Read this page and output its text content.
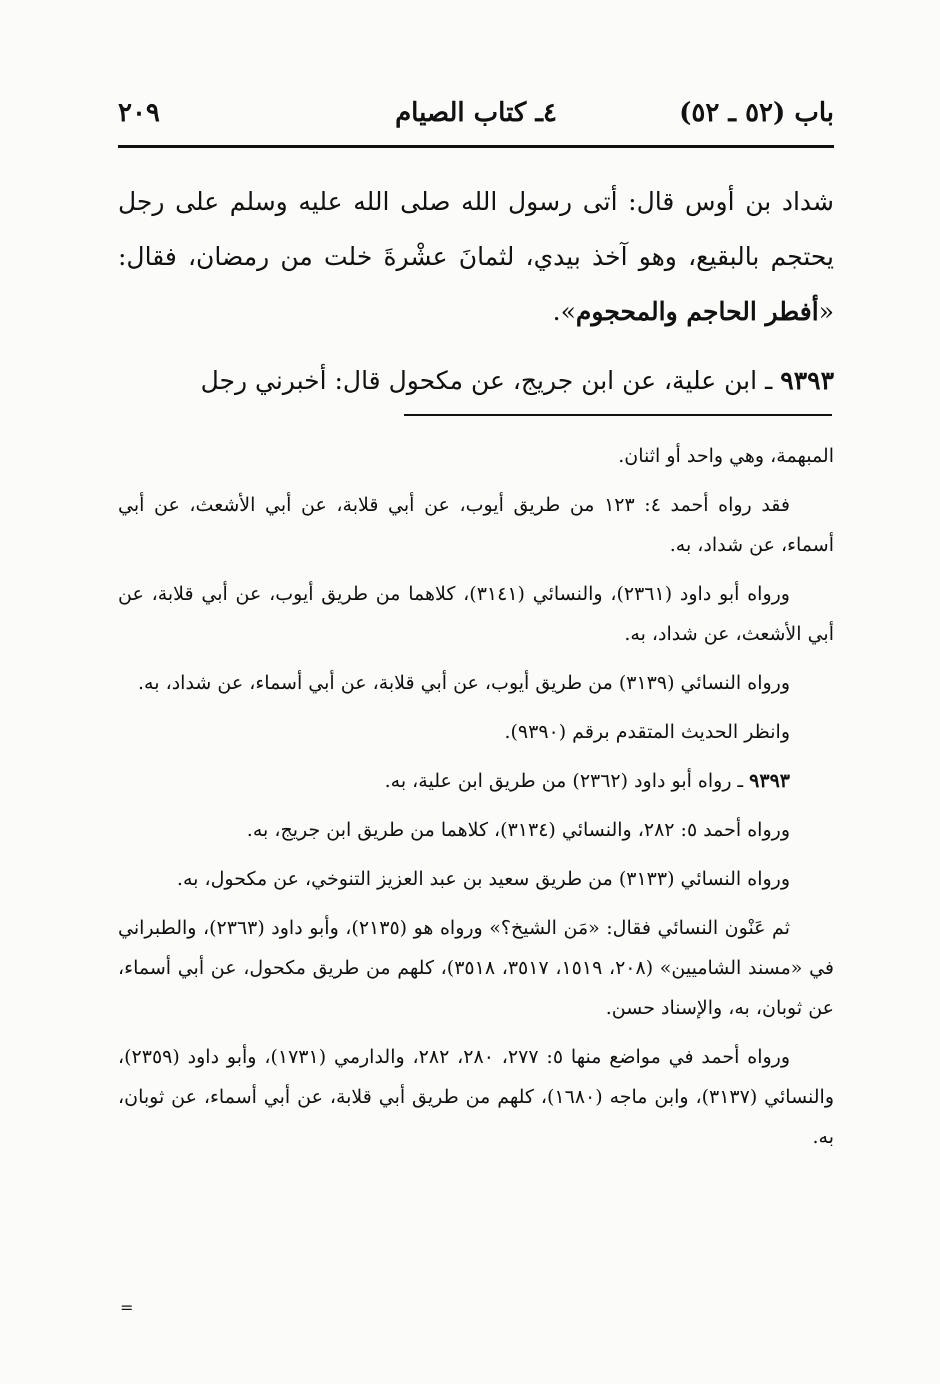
باب (٥٢ ـ ٥٢)
٤ـ كتاب الصيام
٢٠٩

شداد بن أوس قال: أتى رسول الله صلى الله عليه وسلم على رجل يحتجم بالبقيع، وهو آخذ بيدي، لثمانَ عشْرةَ خلت من رمضان، فقال: «أفطر الحاجم والمحجوم».

٩٣٩٣ ـ ابن علية، عن ابن جريج، عن مكحول قال: أخبرني رجل

المبهمة، وهي واحد أو اثنان.

فقد رواه أحمد ٤: ١٢٣ من طريق أيوب، عن أبي قلابة، عن أبي الأشعث، عن أبي أسماء، عن شداد، به.

ورواه أبو داود (٢٣٦١)، والنسائي (٣١٤١)، كلاهما من طريق أيوب، عن أبي قلابة، عن أبي الأشعث، عن شداد، به.

ورواه النسائي (٣١٣٩) من طريق أيوب، عن أبي قلابة، عن أبي أسماء، عن شداد، به.

وانظر الحديث المتقدم برقم (٩٣٩٠).

٩٣٩٣ ـ رواه أبو داود (٢٣٦٢) من طريق ابن علية، به.

ورواه أحمد ٥: ٢٨٢، والنسائي (٣١٣٤)، كلاهما من طريق ابن جريج، به.

ورواه النسائي (٣١٣٣) من طريق سعيد بن عبد العزيز التنوخي، عن مكحول، به.

ثم عَنْون النسائي فقال: «مَن الشيخ؟» ورواه هو (٢١٣٥)، وأبو داود (٢٣٦٣)، والطبراني في «مسند الشاميين» (٢٠٨، ١٥١٩، ٣٥١٧، ٣٥١٨)، كلهم من طريق مكحول، عن أبي أسماء، عن ثوبان، به، والإسناد حسن.

ورواه أحمد في مواضع منها ٥: ٢٧٧، ٢٨٠، ٢٨٢، والدارمي (١٧٣١)، وأبو داود (٢٣٥٩)، والنسائي (٣١٣٧)، وابن ماجه (١٦٨٠)، كلهم من طريق أبي قلابة، عن أبي أسماء، عن ثوبان، به.

=
